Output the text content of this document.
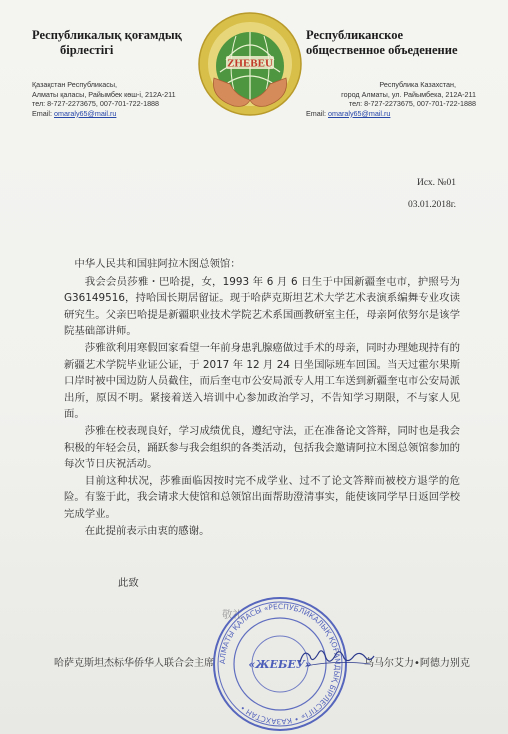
Республикалық қоғамдық
бірлестігі
Қазақстан Республикасы,
Алматы қаласы, Райымбек көш-і, 212А-211
тел: 8-727-2273675, 007-701-722-1888
Email: omaraly65@mail.ru
ZHEBEU
Республиканское
общественное объеденение
Республика Казахстан,
город Алматы, ул. Райымбека, 212А-211
тел: 8-727-2273675, 007-701-722-1888
Email: omaraly65@mail.ru
Исх. №01
03.01.2018г.

中华人民共和国驻阿拉木图总领馆：

我会会员莎雅・巴哈提，女，1993 年 6 月 6 日生于中国新疆奎屯市，护照号为 G36149516，持哈国长期居留证。现于哈萨克斯坦艺术大学艺术表演系编舞专业攻读研究生。父亲巴哈提是新疆职业技术学院艺术系国画教研室主任，母亲阿依努尔是该学院基础部讲师。

莎雅欲利用寒假回家看望一年前身患乳腺癌做过手术的母亲，同时办理她现持有的新疆艺术学院毕业证公证，于 2017 年 12 月 24 日坐国际班车回国。当天过霍尔果斯口岸时被中国边防人员截住，而后奎屯市公安局派专人用工车送到新疆奎屯市公安局派出所，原因不明。紧接着送入培训中心参加政治学习，不告知学习期限，不与家人见面。

莎雅在校表现良好，学习成绩优良，遵纪守法，正在准备论文答辩，同时也是我会积极的年轻会员，踊跃参与我会组织的各类活动，包括我会邀请阿拉木图总领馆参加的每次节日庆祝活动。

目前这种状况，莎雅面临因按时完不成学业、过不了论文答辩而被校方退学的危险。有鉴于此，我会请求大使馆和总领馆出面帮助澄清事实，能使该同学早日返回学校完成学业。

在此提前表示由衷的感谢。

此致
敬礼
АЛМАТЫ ҚАЛАСЫ «РЕСПУБЛИКАЛЫҚ ҚОҒАМДЫҚ БІРЛЕСТІГІ» • КАЗАХСТАН •
«ЖЕБЕУ»
哈萨克斯坦杰标华侨华人联合会主席	乌马尔艾力•阿德力别克
